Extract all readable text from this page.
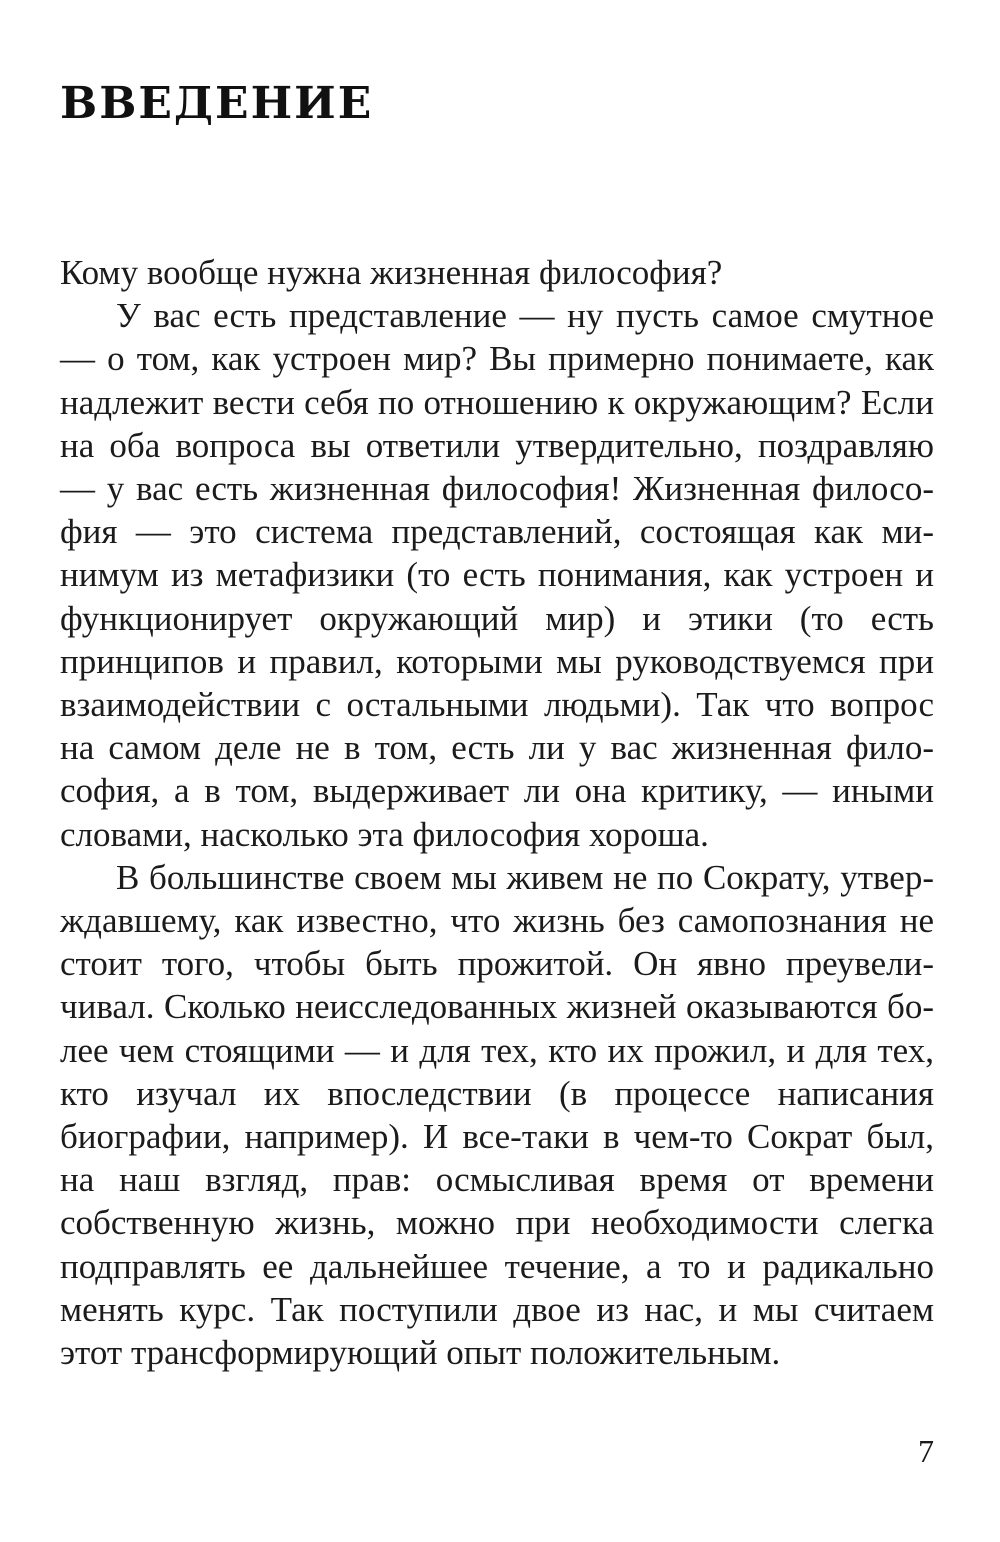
ВВЕДЕНИЕ

Кому вообще нужна жизненная философия?

У вас есть представление — ну пусть самое смутное — о том, как устроен мир? Вы примерно понимаете, как надлежит вести себя по отношению к окружающим? Если на оба вопроса вы ответили утвердительно, поздравляю — у вас есть жизненная философия! Жизненная философия — это система представлений, состоящая как минимум из метафизики (то есть понимания, как устроен и функционирует окружающий мир) и этики (то есть принципов и правил, которыми мы руководствуемся при взаимодействии с остальными людьми). Так что вопрос на самом деле не в том, есть ли у вас жизненная философия, а в том, выдерживает ли она критику, — иными словами, насколько эта философия хороша.

В большинстве своем мы живем не по Сократу, утверждавшему, как известно, что жизнь без самопознания не стоит того, чтобы быть прожитой. Он явно преувеличивал. Сколько неисследованных жизней оказываются более чем стоящими — и для тех, кто их прожил, и для тех, кто изучал их впоследствии (в процессе написания биографии, например). И все-таки в чем-то Сократ был, на наш взгляд, прав: осмысливая время от времени собственную жизнь, можно при необходимости слегка подправлять ее дальнейшее течение, а то и радикально менять курс. Так поступили двое из нас, и мы считаем этот трансформирующий опыт положительным.

7
